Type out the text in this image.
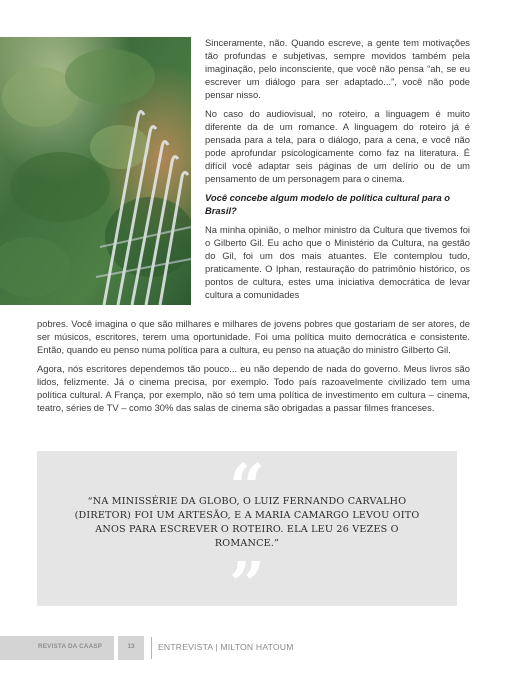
Sinceramente, não. Quando escreve, a gente tem motivações tão profundas e subjetivas, sempre movidos também pela imaginação, pelo inconsciente, que você não pensa “ah, se eu escrever um diálogo para ser adaptado...”, você não pode pensar nisso.

No caso do audiovisual, no roteiro, a linguagem é muito diferente da de um romance. A linguagem do roteiro já é pensada para a tela, para o diálogo, para a cena, e você não pode aprofundar psicologicamente como faz na literatura. É difícil você adaptar seis páginas de um delírio ou de um pensamento de um personagem para o cinema.

Você concebe algum modelo de política cultural para o Brasil?

Na minha opinião, o melhor ministro da Cultura que tivemos foi o Gilberto Gil. Eu acho que o Ministério da Cultura, na gestão do Gil, foi um dos mais atuantes. Ele contemplou tudo, praticamente. O Iphan, restauração do patrimônio histórico, os pontos de cultura, estes uma iniciativa democrática de levar cultura a comunidades

pobres. Você imagina o que são milhares e milhares de jovens pobres que gostariam de ser atores, de ser músicos, escritores, terem uma oportunidade. Foi uma política muito democrática e consistente. Então, quando eu penso numa política para a cultura, eu penso na atuação do ministro Gilberto Gil.

Agora, nós escritores dependemos tão pouco... eu não dependo de nada do governo. Meus livros são lidos, felizmente. Já o cinema precisa, por exemplo. Todo país razoavelmente civilizado tem uma política cultural. A França, por exemplo, não só tem uma política de investimento em cultura – cinema, teatro, séries de TV – como 30% das salas de cinema são obrigadas a passar filmes franceses.

“
“NA MINISSÉRIE DA GLOBO, O LUIZ FERNANDO CARVALHO (DIRETOR) FOI UM ARTESÃO, E A MARIA CAMARGO LEVOU OITO ANOS PARA ESCREVER O ROTEIRO. ELA LEU 26 VEZES O ROMANCE.”
”
REVISTA DA CAASP	13	ENTREVISTA | MILTON HATOUM
